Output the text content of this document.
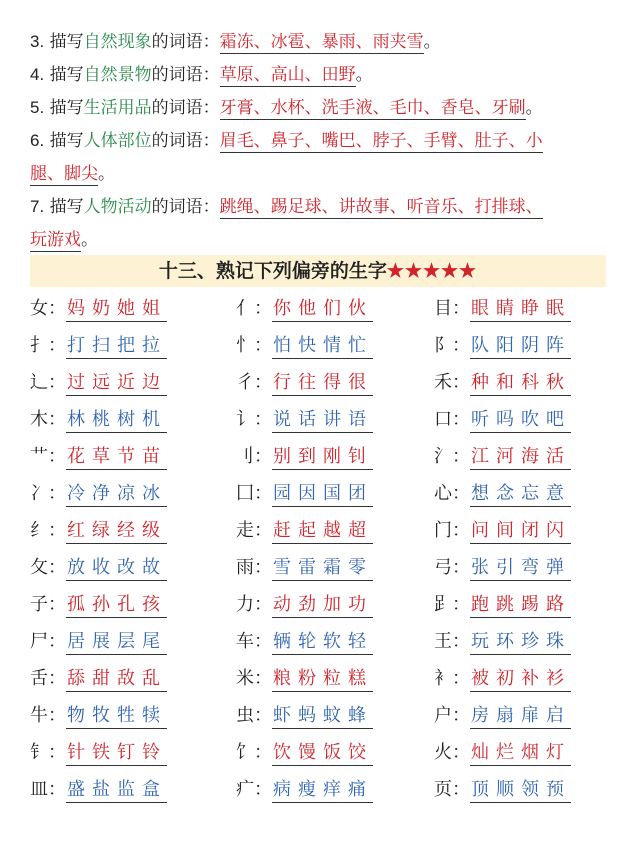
3. 描写自然现象的词语：霜冻、冰雹、暴雨、雨夹雪。
4. 描写自然景物的词语：草原、高山、田野。
5. 描写生活用品的词语：牙膏、水杯、洗手液、毛巾、香皂、牙刷。
6. 描写人体部位的词语：眉毛、鼻子、嘴巴、脖子、手臂、肚子、小
腿、脚尖。
7. 描写人物活动的词语：跳绳、踢足球、讲故事、听音乐、打排球、
玩游戏。
十三、熟记下列偏旁的生字★★★★★
女：妈奶她姐	亻：你他们伙	目：眼睛睁眠
扌：打扫把拉	忄：怕快情忙	阝：队阳阴阵
辶：过远近边	彳：行往得很	禾：种和科秋
木：林桃树机	讠：说话讲语	口：听吗吹吧
艹：花草节苗	刂：别到刚钊	氵：江河海活
冫：冷净凉冰	囗：园因国团	心：想念忘意
纟：红绿经级	走：赶起越超	门：问间闭闪
攵：放收改故	雨：雪雷霜零	弓：张引弯弹
子：孤孙孔孩	力：动劲加功	𧾷：跑跳踢路
尸：居展层尾	车：辆轮软轻	王：玩环珍珠
舌：舔甜敌乱	米：粮粉粒糕	衤：被初补衫
牛：物牧牲犊	虫：虾蚂蚊蜂	户：房扇扉启
钅：针铁钉铃	饣：饮馒饭饺	火：灿烂烟灯
皿：盛盐监盒	疒：病瘦痒痛	页：顶顺领预
